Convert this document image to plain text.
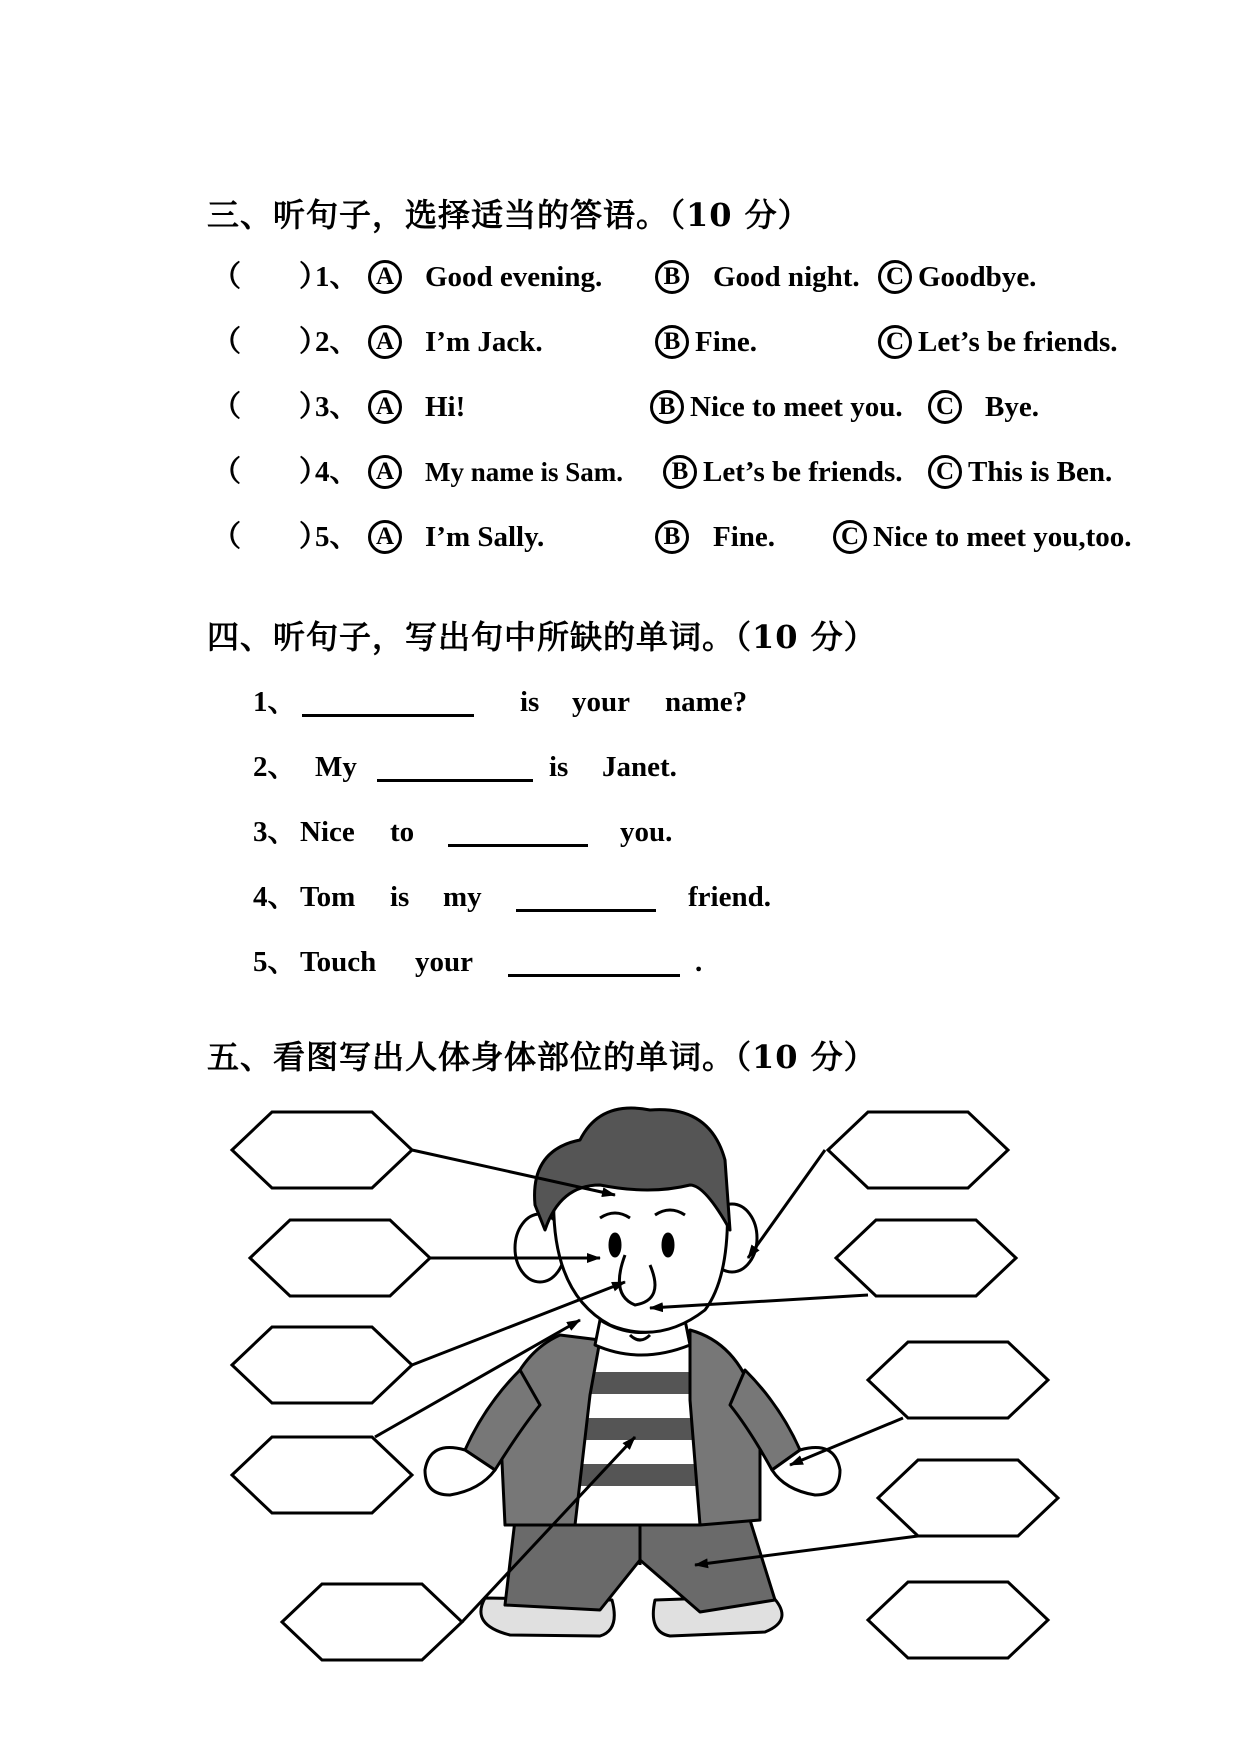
三、听句子，选择适当的答语。（10 分）
（　　）
1、 A Good evening.	B Good night.	C Goodbye.
（　　）
2、 A I’m Jack.	B Fine.	C Let’s be friends.
（　　）
3、 A Hi!	B Nice to meet you.	C Bye.
（　　）
4、 A My name is Sam.	B Let’s be friends.	C This is Ben.
（　　）
5、 A I’m Sally.	B Fine.	C Nice to meet you,too.
四、听句子，写出句中所缺的单词。（10 分）
1、	is your name?
2、 My	is Janet.
3、 Nice to	you.
4、 Tom is my	friend.
5、 Touch your	.
五、看图写出人体身体部位的单词。（10 分）
